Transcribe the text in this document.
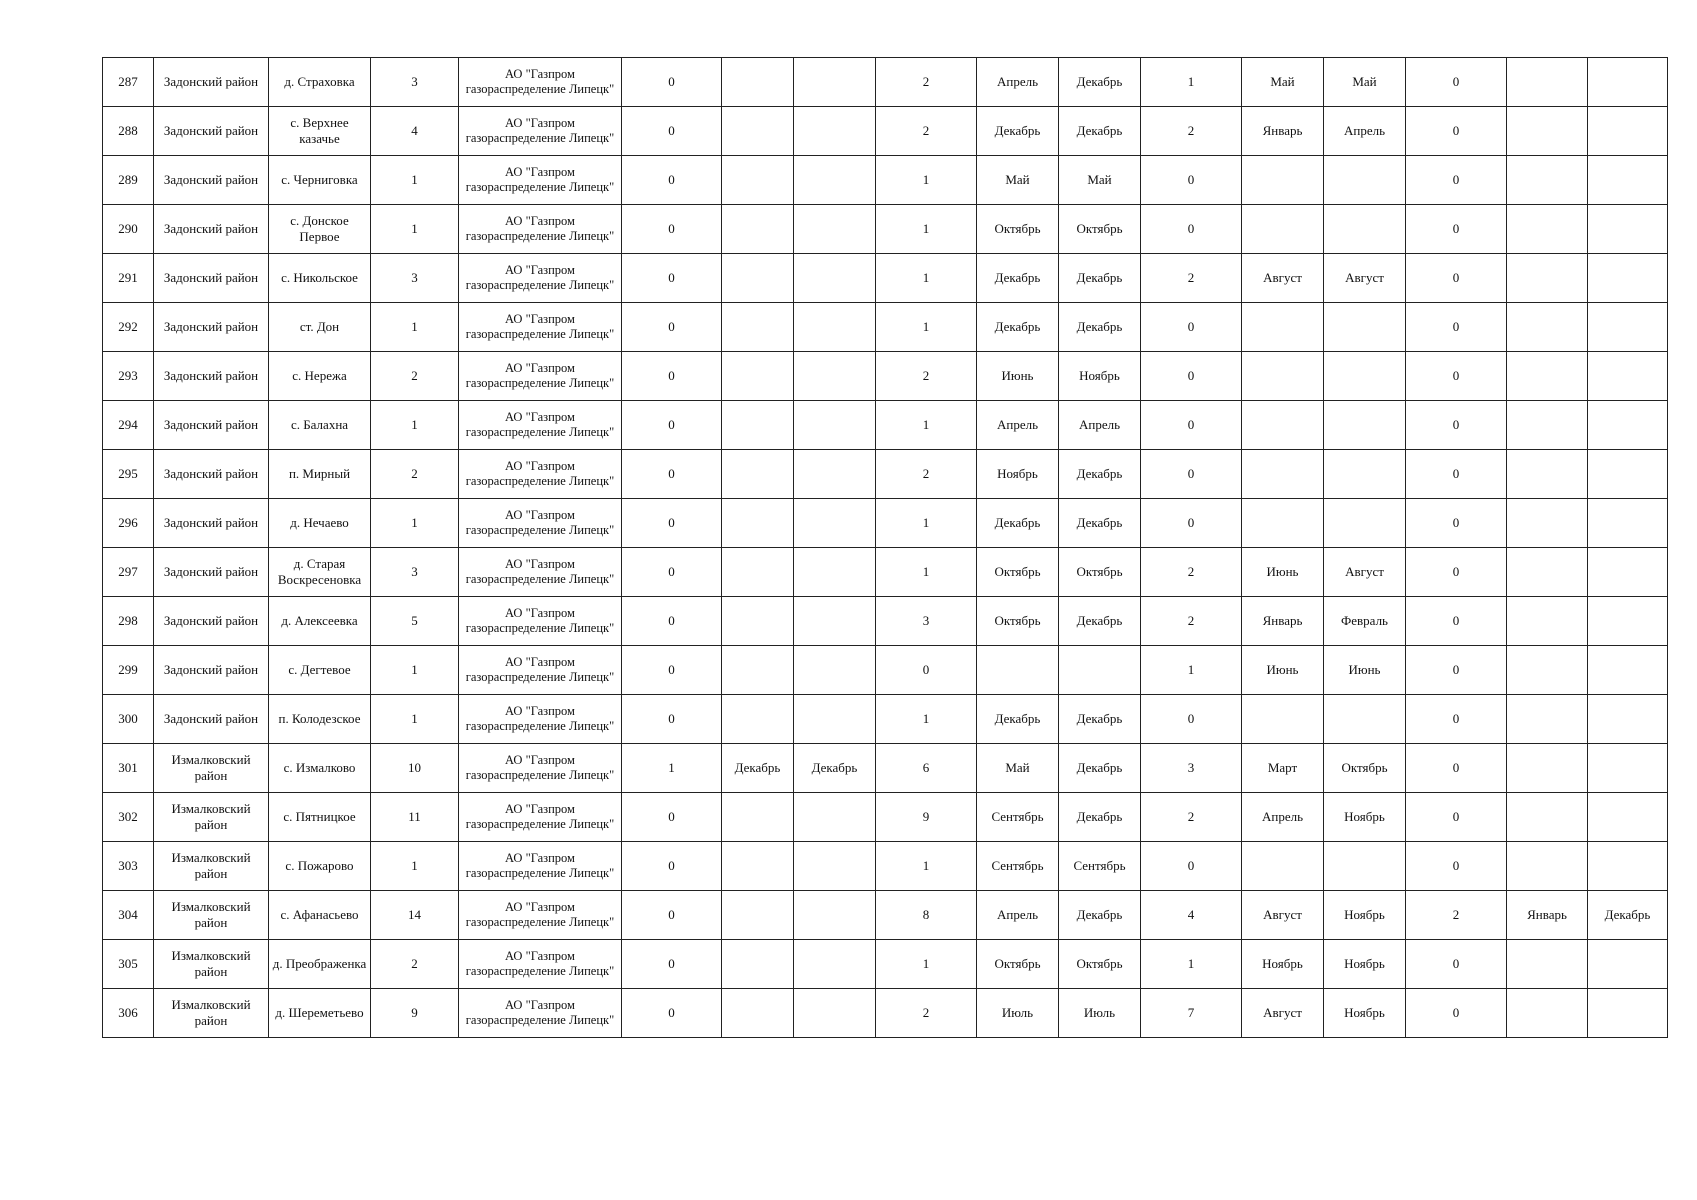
287	Задонский район	д. Страховка	3	АО "Газпром газораспределение Липецк"	0			2	Апрель	Декабрь	1	Май	Май	0		
288	Задонский район	с. Верхнее казачье	4	АО "Газпром газораспределение Липецк"	0			2	Декабрь	Декабрь	2	Январь	Апрель	0		
289	Задонский район	с. Черниговка	1	АО "Газпром газораспределение Липецк"	0			1	Май	Май	0			0		
290	Задонский район	с. Донское Первое	1	АО "Газпром газораспределение Липецк"	0			1	Октябрь	Октябрь	0			0		
291	Задонский район	с. Никольское	3	АО "Газпром газораспределение Липецк"	0			1	Декабрь	Декабрь	2	Август	Август	0		
292	Задонский район	ст. Дон	1	АО "Газпром газораспределение Липецк"	0			1	Декабрь	Декабрь	0			0		
293	Задонский район	с. Нережа	2	АО "Газпром газораспределение Липецк"	0			2	Июнь	Ноябрь	0			0		
294	Задонский район	с. Балахна	1	АО "Газпром газораспределение Липецк"	0			1	Апрель	Апрель	0			0		
295	Задонский район	п. Мирный	2	АО "Газпром газораспределение Липецк"	0			2	Ноябрь	Декабрь	0			0		
296	Задонский район	д. Нечаево	1	АО "Газпром газораспределение Липецк"	0			1	Декабрь	Декабрь	0			0		
297	Задонский район	д. Старая Воскресеновка	3	АО "Газпром газораспределение Липецк"	0			1	Октябрь	Октябрь	2	Июнь	Август	0		
298	Задонский район	д. Алексеевка	5	АО "Газпром газораспределение Липецк"	0			3	Октябрь	Декабрь	2	Январь	Февраль	0		
299	Задонский район	с. Дегтевое	1	АО "Газпром газораспределение Липецк"	0			0			1	Июнь	Июнь	0		
300	Задонский район	п. Колодезское	1	АО "Газпром газораспределение Липецк"	0			1	Декабрь	Декабрь	0			0		
301	Измалковский район	с. Измалково	10	АО "Газпром газораспределение Липецк"	1	Декабрь	Декабрь	6	Май	Декабрь	3	Март	Октябрь	0		
302	Измалковский район	с. Пятницкое	11	АО "Газпром газораспределение Липецк"	0			9	Сентябрь	Декабрь	2	Апрель	Ноябрь	0		
303	Измалковский район	с. Пожарово	1	АО "Газпром газораспределение Липецк"	0			1	Сентябрь	Сентябрь	0			0		
304	Измалковский район	с. Афанасьево	14	АО "Газпром газораспределение Липецк"	0			8	Апрель	Декабрь	4	Август	Ноябрь	2	Январь	Декабрь
305	Измалковский район	д. Преображенка	2	АО "Газпром газораспределение Липецк"	0			1	Октябрь	Октябрь	1	Ноябрь	Ноябрь	0		
306	Измалковский район	д. Шереметьево	9	АО "Газпром газораспределение Липецк"	0			2	Июль	Июль	7	Август	Ноябрь	0		
